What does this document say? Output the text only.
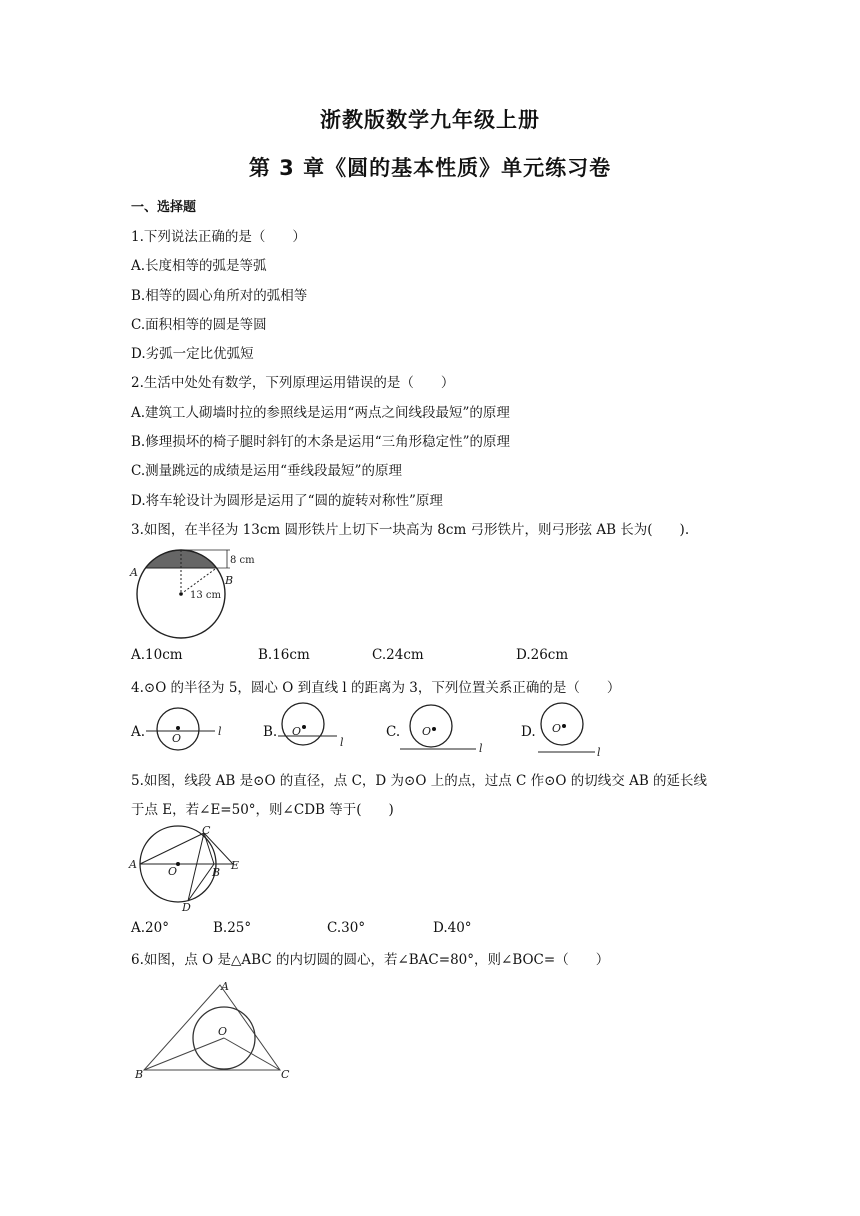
浙教版数学九年级上册
第 3 章《圆的基本性质》单元练习卷
一、选择题
1.下列说法正确的是（　　）
A.长度相等的弧是等弧
B.相等的圆心角所对的弧相等
C.面积相等的圆是等圆
D.劣弧一定比优弧短
2.生活中处处有数学，下列原理运用错误的是（　　）
A.建筑工人砌墙时拉的参照线是运用“两点之间线段最短”的原理
B.修理损坏的椅子腿时斜钉的木条是运用“三角形稳定性”的原理
C.测量跳远的成绩是运用“垂线段最短”的原理
D.将车轮设计为圆形是运用了“圆的旋转对称性”原理
3.如图，在半径为 13cm 圆形铁片上切下一块高为 8cm 弓形铁片，则弓形弦 AB 长为(　　).
A
B
8 cm
13 cm
A.10cm	B.16cm	C.24cm	D.26cm
4.⊙O 的半径为 5，圆心 O 到直线 l 的距离为 3，下列位置关系正确的是（　　）
A. O
l	B. O
l
C. O
l
D. O
l
5.如图，线段 AB 是⊙O 的直径，点 C，D 为⊙O 上的点，过点 C 作⊙O 的切线交 AB 的延长线
于点 E，若∠E=50°，则∠CDB 等于(　　)
A
O	B
C
D
E
A.20°	B.25°	C.30°	D.40°
6.如图，点 O 是△ABC 的内切圆的圆心，若∠BAC=80°，则∠BOC=（　　）
A
B	C
O
